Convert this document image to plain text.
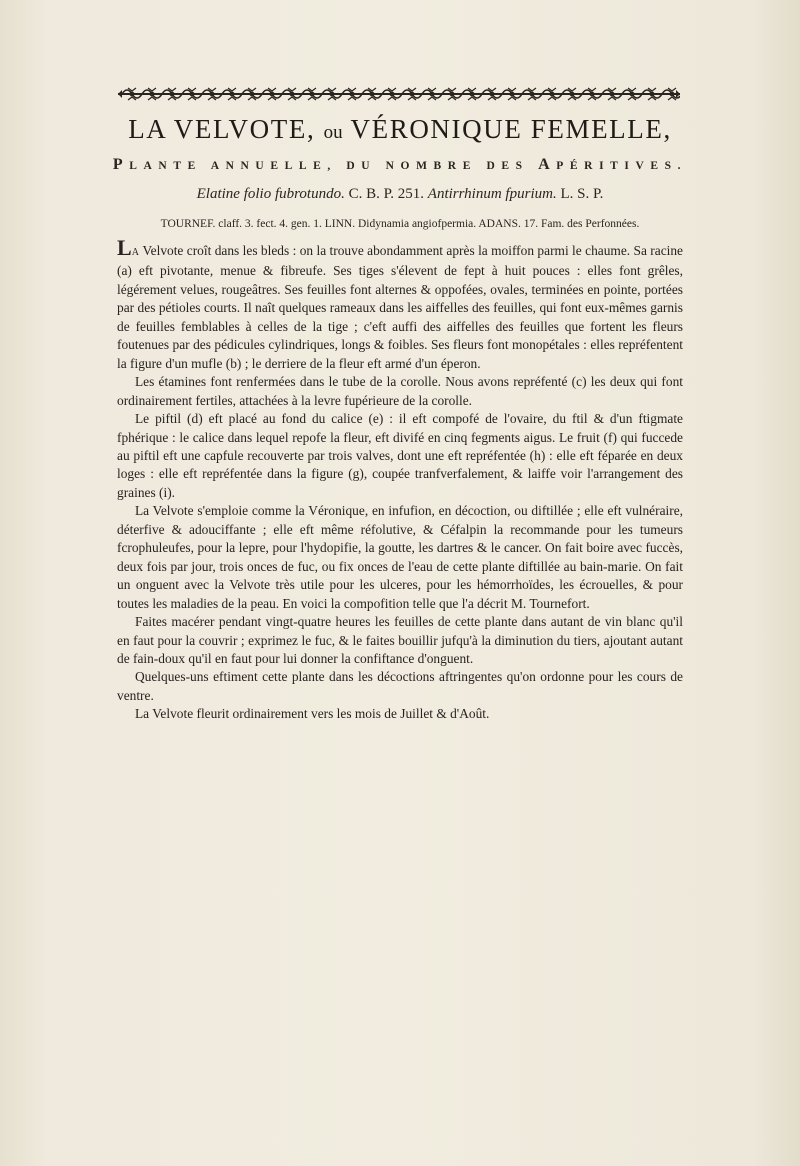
LA VELVOTE, ou VÉRONIQUE FEMELLE,
PLANTE ANNUELLE, DU NOMBRE DES APÉRITIVES.
Elatine folio fubrotundo. C. B. P. 251. Antirrhinum fpurium. L. S. P.
TOURNEF. claff. 3. fect. 4. gen. 1. LINN. Didynamia angiofpermia. ADANS. 17. Fam. des Perfonnées.

LA Velvote croît dans les bleds : on la trouve abondamment après la moiffon parmi le chaume. Sa racine (a) eft pivotante, menue & fibreufe. Ses tiges s'élevent de fept à huit pouces : elles font grêles, légérement velues, rougeâtres. Ses feuilles font alternes & oppofées, ovales, terminées en pointe, portées par des pétioles courts. Il naît quelques rameaux dans les aiffelles des feuilles, qui font eux-mêmes garnis de feuilles femblables à celles de la tige ; c'eft auffi des aiffelles des feuilles que fortent les fleurs foutenues par des pédicules cylindriques, longs & foibles. Ses fleurs font monopétales : elles repréfentent la figure d'un mufle (b) ; le derriere de la fleur eft armé d'un éperon.

Les étamines font renfermées dans le tube de la corolle. Nous avons repréfenté (c) les deux qui font ordinairement fertiles, attachées à la levre fupérieure de la corolle.

Le piftil (d) eft placé au fond du calice (e) : il eft compofé de l'ovaire, du ftil & d'un ftigmate fphérique : le calice dans lequel repofe la fleur, eft divifé en cinq fegments aigus. Le fruit (f) qui fuccede au piftil eft une capfule recouverte par trois valves, dont une eft repréfentée (h) : elle eft féparée en deux loges : elle eft repréfentée dans la figure (g), coupée tranfverfalement, & laiffe voir l'arrangement des graines (i).

La Velvote s'emploie comme la Véronique, en infufion, en décoction, ou diftillée ; elle eft vulnéraire, déterfive & adouciffante ; elle eft même réfolutive, & Céfalpin la recommande pour les tumeurs fcrophuleufes, pour la lepre, pour l'hydopifie, la goutte, les dartres & le cancer. On fait boire avec fuccès, deux fois par jour, trois onces de fuc, ou fix onces de l'eau de cette plante diftillée au bain-marie. On fait un onguent avec la Velvote très utile pour les ulceres, pour les hémorrhoïdes, les écrouelles, & pour toutes les maladies de la peau. En voici la compofition telle que l'a décrit M. Tournefort.

Faites macérer pendant vingt-quatre heures les feuilles de cette plante dans autant de vin blanc qu'il en faut pour la couvrir ; exprimez le fuc, & le faites bouillir jufqu'à la diminution du tiers, ajoutant autant de fain-doux qu'il en faut pour lui donner la confiftance d'onguent.

Quelques-uns eftiment cette plante dans les décoctions aftringentes qu'on ordonne pour les cours de ventre.

La Velvote fleurit ordinairement vers les mois de Juillet & d'Août.
